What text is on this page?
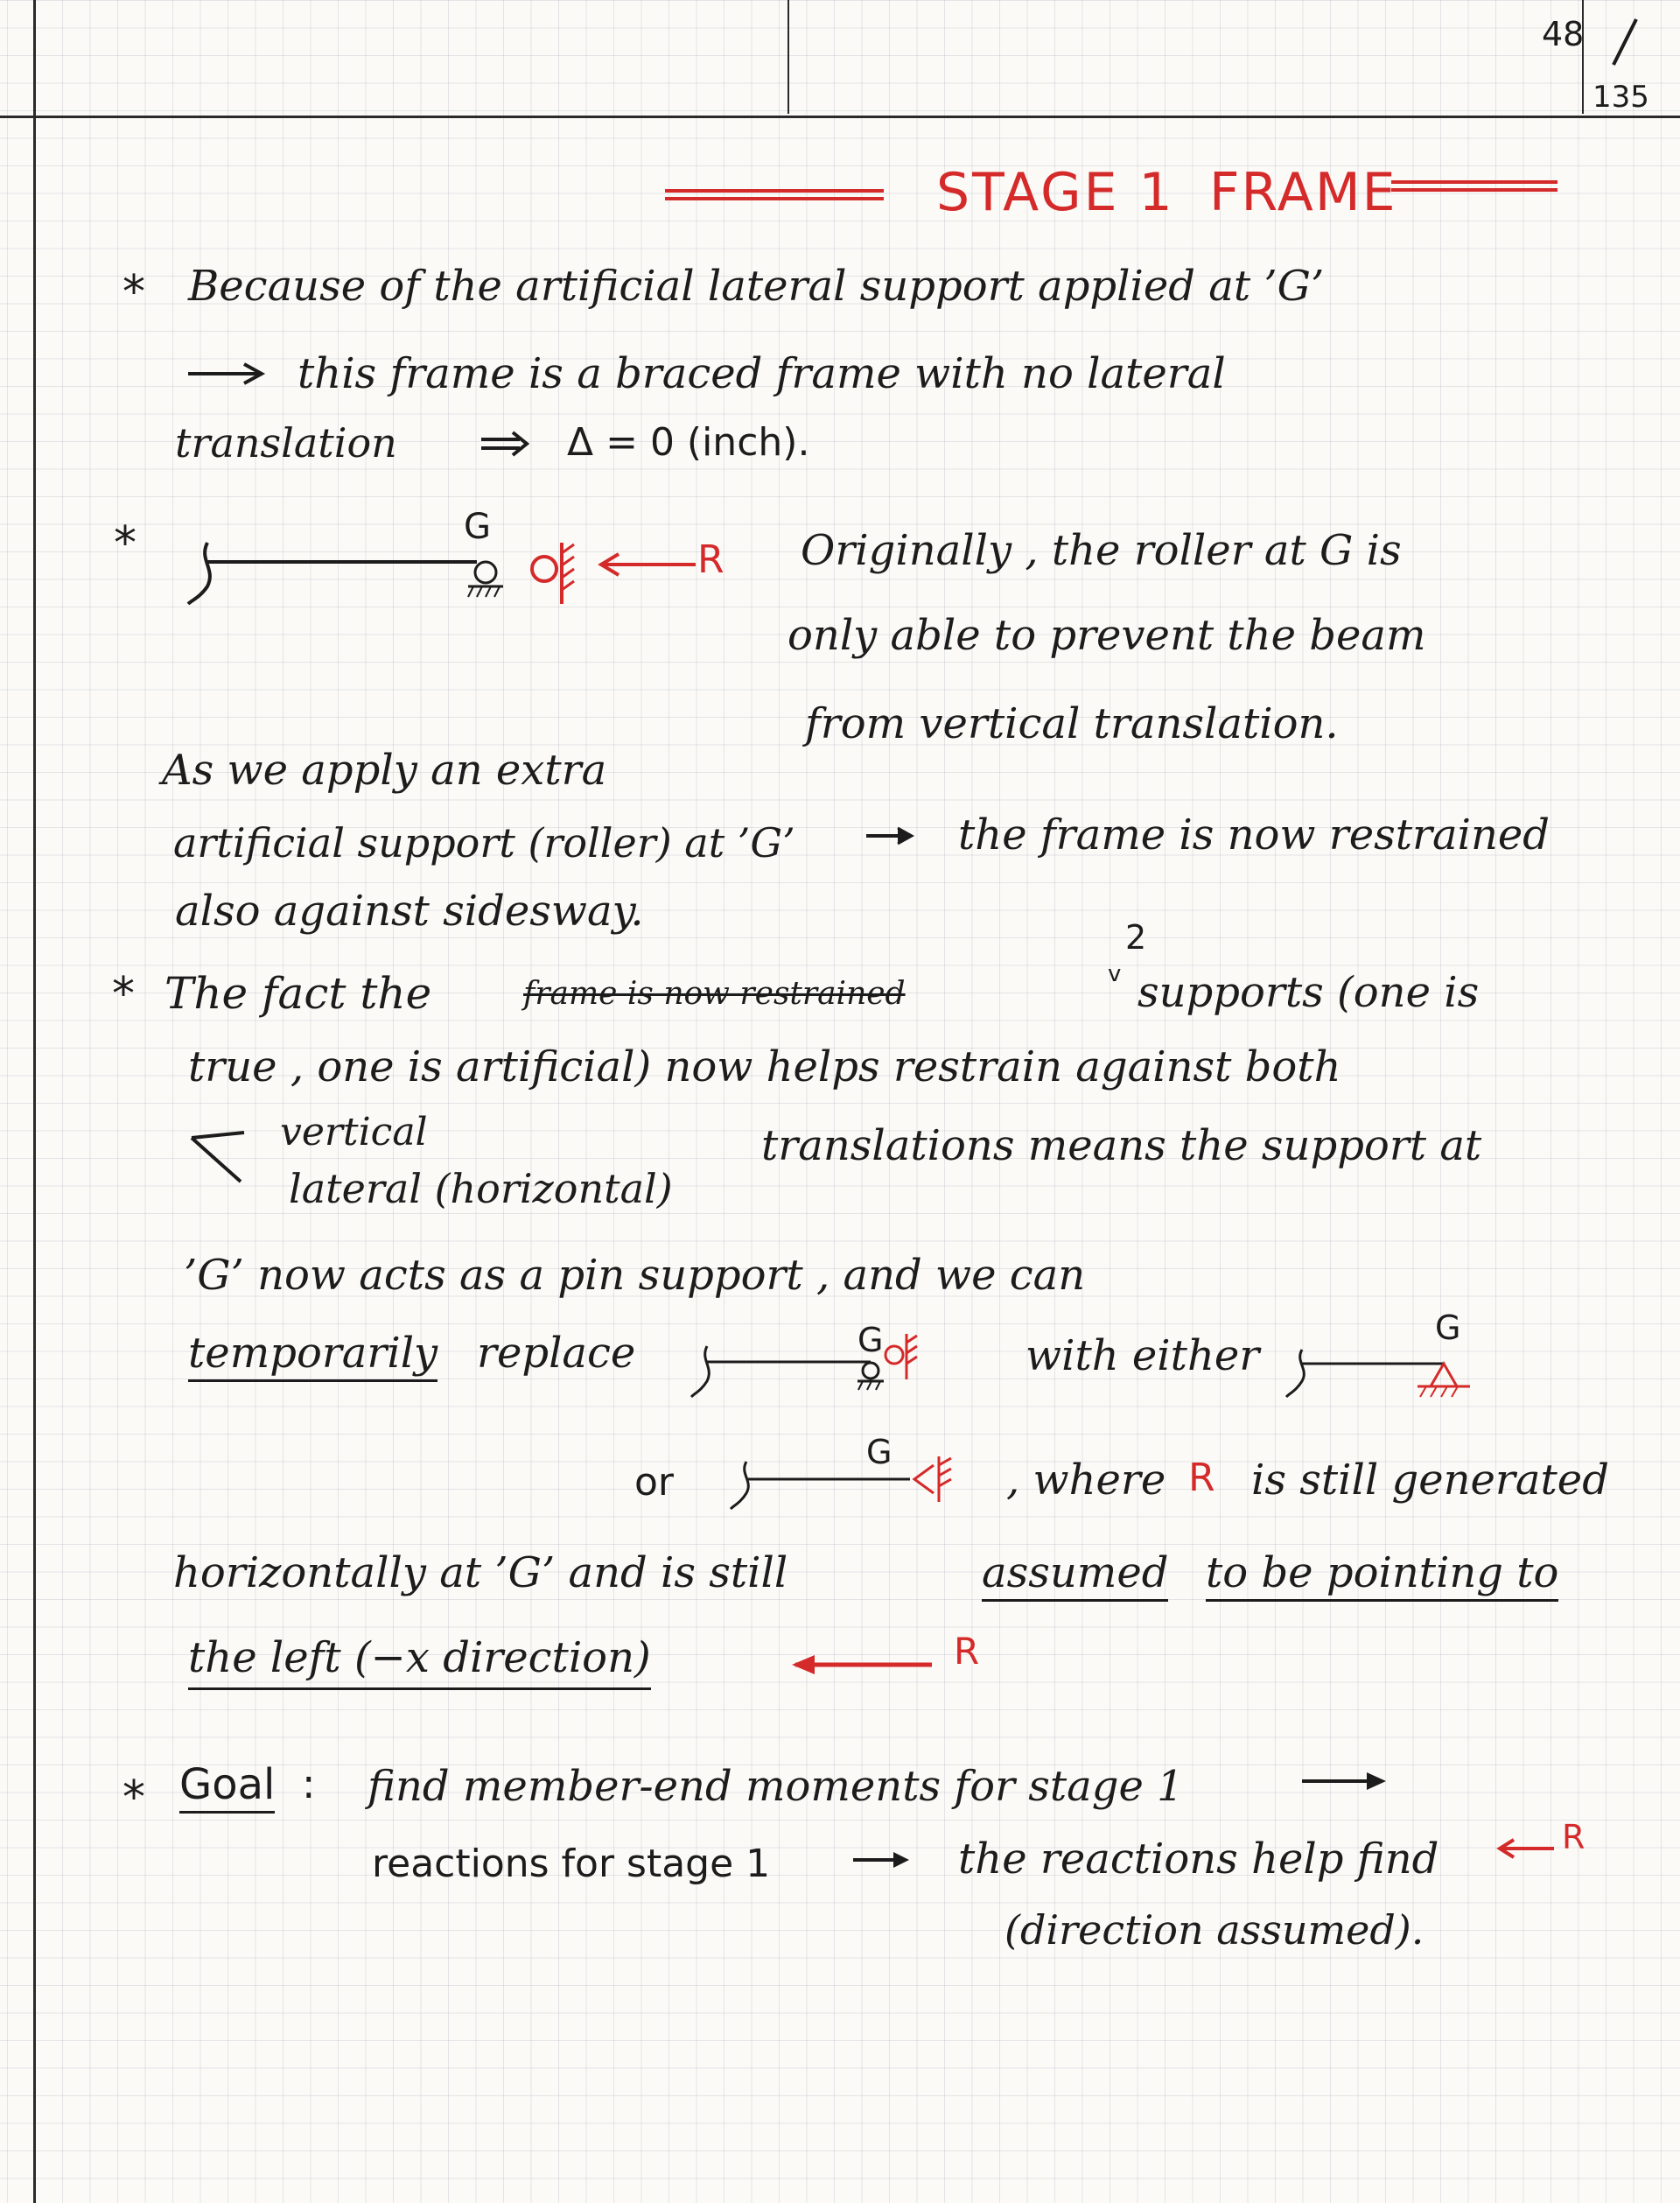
48
135
STAGE 1 FRAME
* Because of the artificial lateral support applied at ’G’
this frame is a braced frame with no lateral
translation	Δ = 0 (inch).
*	G
R Originally , the roller at G is
only able to prevent the beam
from vertical translation.
As we apply an extra
artificial support (roller) at ’G’	the frame is now restrained
also against sidesway.
* The fact the	frame is now restrained
2
v supports (one is
true , one is artificial) now helps restrain against both
vertical
lateral (horizontal)
translations means the support at
’G’ now acts as a pin support , and we can
temporarily replace	G	with either
G
or
G
, where R is still generated
horizontally at ’G’ and is still	assumed to be pointing to
the left (−x direction)	R
* Goal : find member-end moments for stage 1
reactions for stage 1	the reactions help find	R
(direction assumed).
